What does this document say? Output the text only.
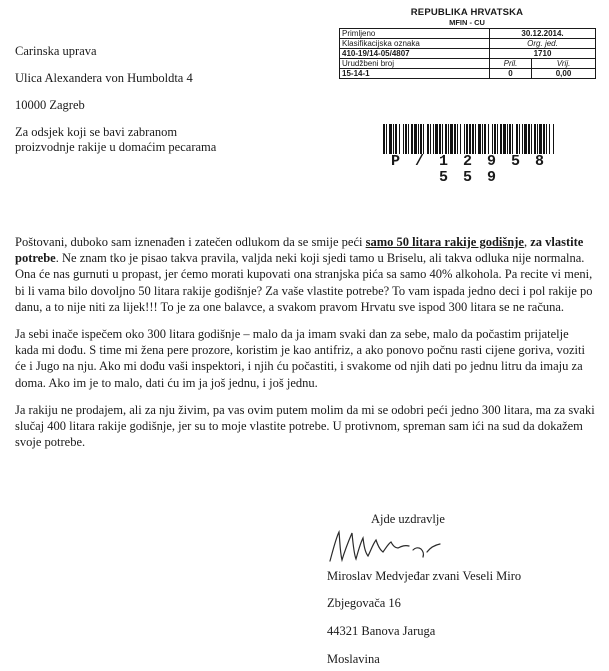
Carinska uprava
Ulica Alexandera von Humboldta 4
10000 Zagreb
Za odsjek koji se bavi zabranom
proizvodnje rakije u domaćim pecarama
REPUBLIKA HRVATSKA
MFIN - CU
Primljeno	30.12.2014.	
Klasifikacijska oznaka	Org. jed.	
410-19/14-05/4807	1710	
Urudžbeni broj	Pril.	Vrij.
15-14-1	0	0,00
P / 1 2 9 5 8 5 5 9

Poštovani, duboko sam iznenađen i zatečen odlukom da se smije peći samo 50 litara rakije godišnje, za vlastite potrebe. Ne znam tko je pisao takva pravila, valjda neki koji sjedi tamo u Briselu, ali takva odluka nije normalna. Ona će nas gurnuti u propast, jer ćemo morati kupovati ona stranjska pića sa samo 40% alkohola. Pa recite vi meni, bi li vama bilo dovoljno 50 litara rakije godišnje? Za vaše vlastite potrebe? To vam ispada jedno deci i pol rakije po danu, a to nije niti za lijek!!! To je za one balavce, a svakom pravom Hrvatu sve ispod 300 litara se ne računa.

Ja sebi inače ispečem oko 300 litara godišnje – malo da ja imam svaki dan za sebe, malo da počastim prijatelje kada mi dođu. S time mi žena pere prozore, koristim je kao antifriz, a ako ponovo počnu rasti cijene goriva, voziti će i Jugo na nju. Ako mi dođu vaši inspektori, i njih ću počastiti, i svakome od njih dati po jednu litru da imaju za doma. Ako im je to malo, dati ću im ja još jednu, i još jednu.

Ja rakiju ne prodajem, ali za nju živim, pa vas ovim putem molim da mi se odobri peći jedno 300 litara, ma za svaki slučaj 400 litara rakije godišnje, jer su to moje vlastite potrebe. U protivnom, spreman sam ići na sud da dokažem svoje potrebe.

Ajde uzdravlje
Miroslav Medvjeđar zvani Veseli Miro
Zbjegovača 16
44321 Banova Jaruga
Moslavina
